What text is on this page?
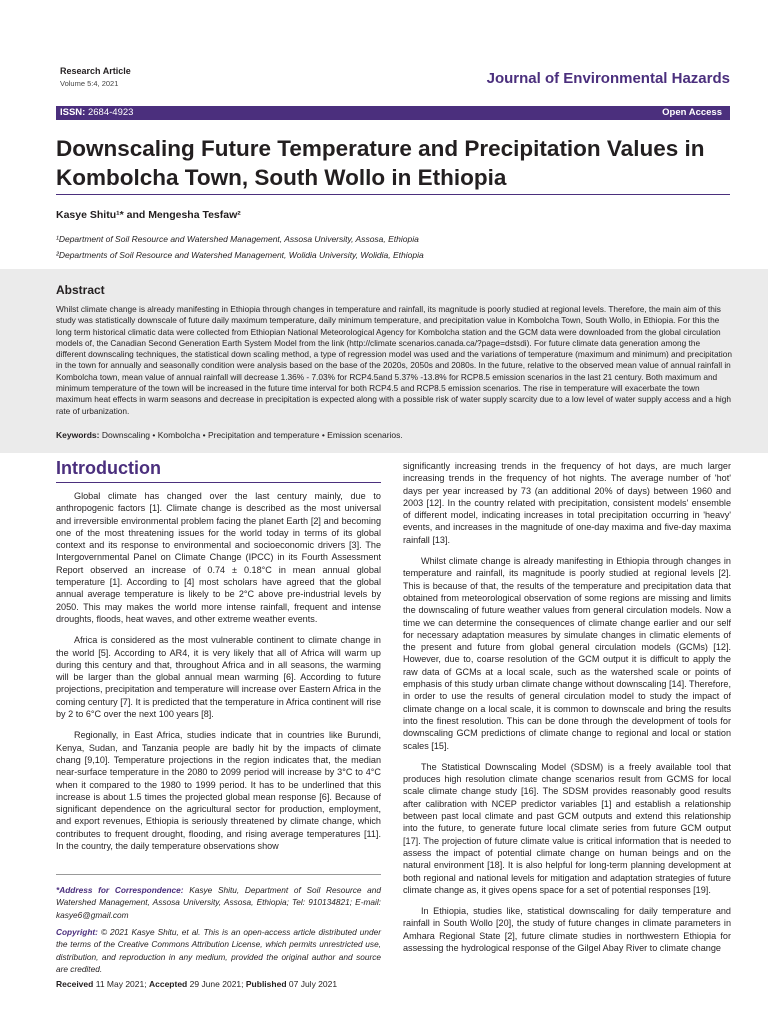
Research Article
Volume 5:4, 2021	Journal of Environmental Hazards
ISSN: 2684-4923	Open Access
Downscaling Future Temperature and Precipitation Values in Kombolcha Town, South Wollo in Ethiopia
Kasye Shitu¹* and Mengesha Tesfaw²
¹Department of Soil Resource and Watershed Management, Assosa University, Assosa, Ethiopia
²Departments of Soil Resource and Watershed Management, Wolidia University, Wolidia, Ethiopia
Abstract
Whilst climate change is already manifesting in Ethiopia through changes in temperature and rainfall, its magnitude is poorly studied at regional levels. Therefore, the main aim of this study was statistically downscale of future daily maximum temperature, daily minimum temperature, and precipitation value in Kombolcha Town, South Wollo, in Ethiopia. For this the long term historical climatic data were collected from Ethiopian National Meteorological Agency for Kombolcha station and the GCM data were downloaded from the global circulation models of, the Canadian Second Generation Earth System Model from the link (http://climate scenarios.canada.ca/?page=dstsdi). For future climate data generation among the different downscaling techniques, the statistical down scaling method, a type of regression model was used and the variations of temperature (maximum and minimum) and precipitation in the town for annually and seasonally condition were analysis based on the base of the 2020s, 2050s and 2080s. In the future, relative to the observed mean value of annual rainfall in Kombolcha town, mean value of annual rainfall will decrease 1.36% - 7.03% for RCP4.5and 5.37% -13.8% for RCP8.5 emission scenarios in the last 21 century. Both maximum and minimum temperature of the town will be increased in the future time interval for both RCP4.5 and RCP8.5 emission scenarios. The rise in temperature will exacerbate the town maximum heat effects in warm seasons and decrease in precipitation is expected along with a possible risk of water supply scarcity due to a low level of water supply access and a high rate of urbanization.
Keywords: Downscaling • Kombolcha • Precipitation and temperature • Emission scenarios.
Introduction

Global climate has changed over the last century mainly, due to anthropogenic factors [1]. Climate change is described as the most universal and irreversible environmental problem facing the planet Earth [2] and becoming one of the most threatening issues for the world today in terms of its global context and its response to environmental and socioeconomic drivers [3]. The Intergovernmental Panel on Climate Change (IPCC) in its Fourth Assessment Report observed an increase of 0.74 ± 0.18°C in mean annual global temperature [1]. According to [4] most scholars have agreed that the global annual average temperature is likely to be 2°C above pre-industrial levels by 2050. This may makes the world more intense rainfall, frequent and intense droughts, floods, heat waves, and other extreme weather events.

Africa is considered as the most vulnerable continent to climate change in the world [5]. According to AR4, it is very likely that all of Africa will warm up during this century and that, throughout Africa and in all seasons, the warming will be larger than the global annual mean warming [6]. According to future projections, precipitation and temperature will increase over Eastern Africa in the coming century [7]. It is predicted that the temperature in Africa continent will rise by 2 to 6°C over the next 100 years [8].

Regionally, in East Africa, studies indicate that in countries like Burundi, Kenya, Sudan, and Tanzania people are badly hit by the impacts of climate chang [9,10]. Temperature projections in the region indicates that, the median near-surface temperature in the 2080 to 2099 period will increase by 3°C to 4°C when it compared to the 1980 to 1999 period. It has to be underlined that this increase is about 1.5 times the projected global mean response [6]. Because of significant dependence on the agricultural sector for production, employment, and export revenues, Ethiopia is seriously threatened by climate change, which contributes to frequent drought, flooding, and rising average temperatures [11]. In the country, the daily temperature observations show

significantly increasing trends in the frequency of hot days, are much larger increasing trends in the frequency of hot nights. The average number of 'hot' days per year increased by 73 (an additional 20% of days) between 1960 and 2003 [12]. In the country related with precipitation, consistent models' ensemble of different model, indicating increases in total precipitation occurring in 'heavy' events, and increases in the magnitude of one-day maxima and five-day maxima rainfall [13].

Whilst climate change is already manifesting in Ethiopia through changes in temperature and rainfall, its magnitude is poorly studied at regional levels [2]. This is because of that, the results of the temperature and precipitation data that obtained from meteorological observation of some regions are missing and limits the downscaling of future weather values from general circulation models. Now a time we can determine the consequences of climate change earlier and our self for necessary adaptation measures by simulate changes in climatic elements of the present and future from global general circulation models (GCMs) [12]. However, due to, coarse resolution of the GCM output it is difficult to apply the raw data of GCMs at a local scale, such as the watershed scale or points of emphasis of this study urban climate change without downscaling [14]. Therefore, in order to use the results of general circulation model to study the impact of climate change on a local scale, it is common to downscale and bring the results into the finest resolution. This can be done through the development of tools for downscaling GCM predictions of climate change to regional and local or station scales [15].

The Statistical Downscaling Model (SDSM) is a freely available tool that produces high resolution climate change scenarios result from GCMS for local scale climate change study [16]. The SDSM provides reasonably good results after calibration with NCEP predictor variables [1] and establish a relationship between past local climate and past GCM outputs and extend this relationship into the future, to generate future local climate series from future GCM output [17]. The projection of future climate value is critical information that is needed to assess the impact of potential climate change on human beings and on the natural environment [18]. It is also helpful for long-term planning development at both regional and national levels for mitigation and adaptation strategies of future climate change as, it gives opens space for a set of potential responses [19].

In Ethiopia, studies like, statistical downscaling for daily temperature and rainfall in South Wollo [20], the study of future changes in climate parameters in Amhara Regional State [2], future climate studies in northwestern Ethiopia for assessing the hydrological response of the Gilgel Abay River to climate change

*Address for Correspondence: Kasye Shitu, Department of Soil Resource and Watershed Management, Assosa University, Assosa, Ethiopia; Tel: 910134821; E-mail: kasye6@gmail.com
Copyright: © 2021 Kasye Shitu, et al. This is an open-access article distributed under the terms of the Creative Commons Attribution License, which permits unrestricted use, distribution, and reproduction in any medium, provided the original author and source are credited.
Received 11 May 2021; Accepted 29 June 2021; Published 07 July 2021
